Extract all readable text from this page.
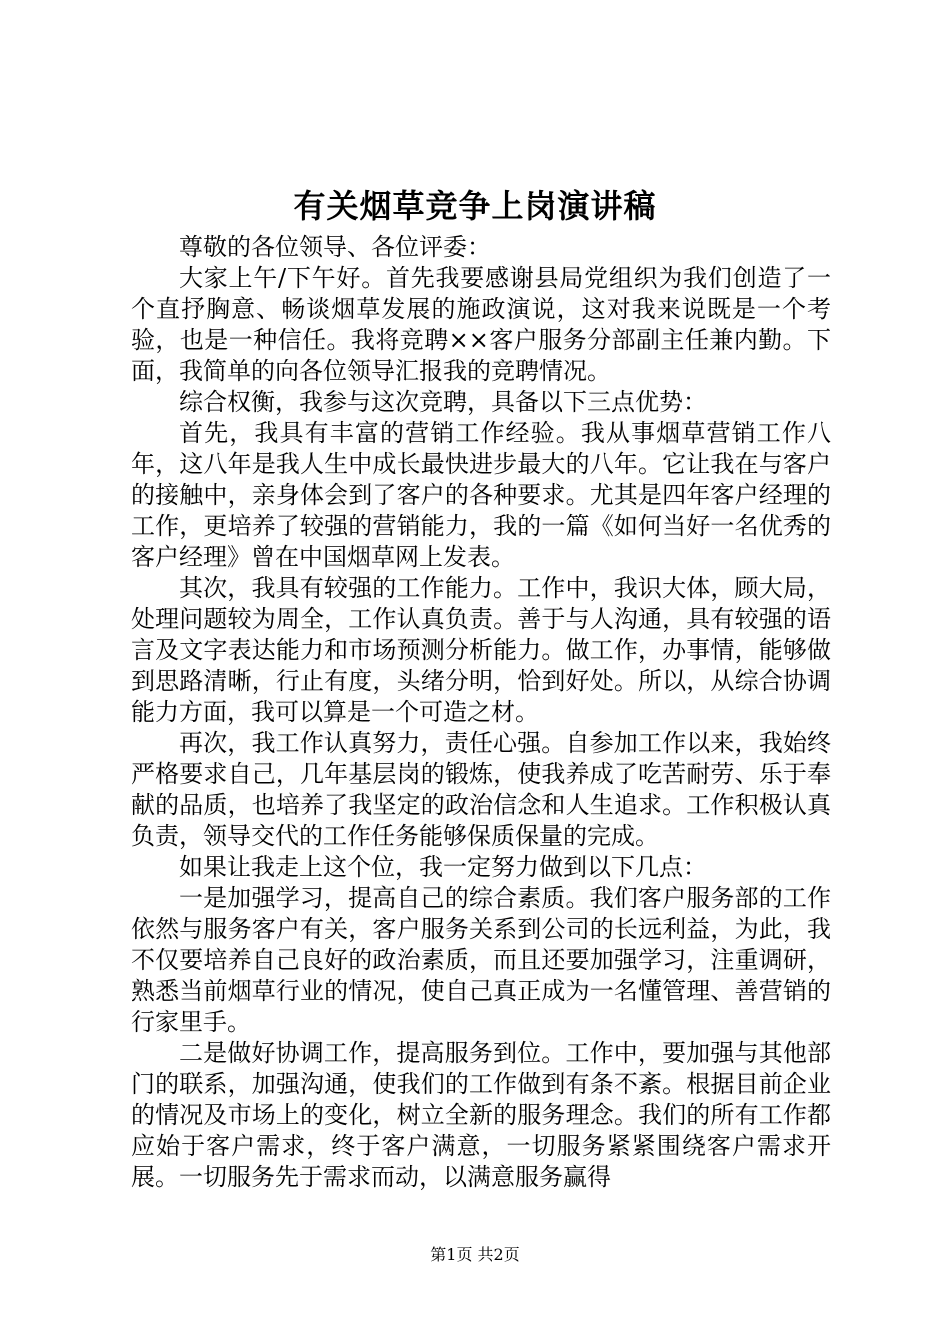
有关烟草竞争上岗演讲稿

尊敬的各位领导、各位评委：

大家上午/下午好。首先我要感谢县局党组织为我们创造了一个直抒胸意、畅谈烟草发展的施政演说，这对我来说既是一个考验，也是一种信任。我将竞聘××客户服务分部副主任兼内勤。下面，我简单的向各位领导汇报我的竞聘情况。

综合权衡，我参与这次竞聘，具备以下三点优势：

首先，我具有丰富的营销工作经验。我从事烟草营销工作八年，这八年是我人生中成长最快进步最大的八年。它让我在与客户的接触中，亲身体会到了客户的各种要求。尤其是四年客户经理的工作，更培养了较强的营销能力，我的一篇《如何当好一名优秀的客户经理》曾在中国烟草网上发表。

其次，我具有较强的工作能力。工作中，我识大体，顾大局，处理问题较为周全，工作认真负责。善于与人沟通，具有较强的语言及文字表达能力和市场预测分析能力。做工作，办事情，能够做到思路清晰，行止有度，头绪分明，恰到好处。所以，从综合协调能力方面，我可以算是一个可造之材。

再次，我工作认真努力，责任心强。自参加工作以来，我始终严格要求自己，几年基层岗的锻炼，使我养成了吃苦耐劳、乐于奉献的品质，也培养了我坚定的政治信念和人生追求。工作积极认真负责，领导交代的工作任务能够保质保量的完成。

如果让我走上这个位，我一定努力做到以下几点：

一是加强学习，提高自己的综合素质。我们客户服务部的工作依然与服务客户有关，客户服务关系到公司的长远利益，为此，我不仅要培养自己良好的政治素质，而且还要加强学习，注重调研，熟悉当前烟草行业的情况，使自己真正成为一名懂管理、善营销的行家里手。

二是做好协调工作，提高服务到位。工作中，要加强与其他部门的联系，加强沟通，使我们的工作做到有条不紊。根据目前企业的情况及市场上的变化，树立全新的服务理念。我们的所有工作都应始于客户需求，终于客户满意，一切服务紧紧围绕客户需求开展。一切服务先于需求而动，以满意服务赢得

第1页 共2页
